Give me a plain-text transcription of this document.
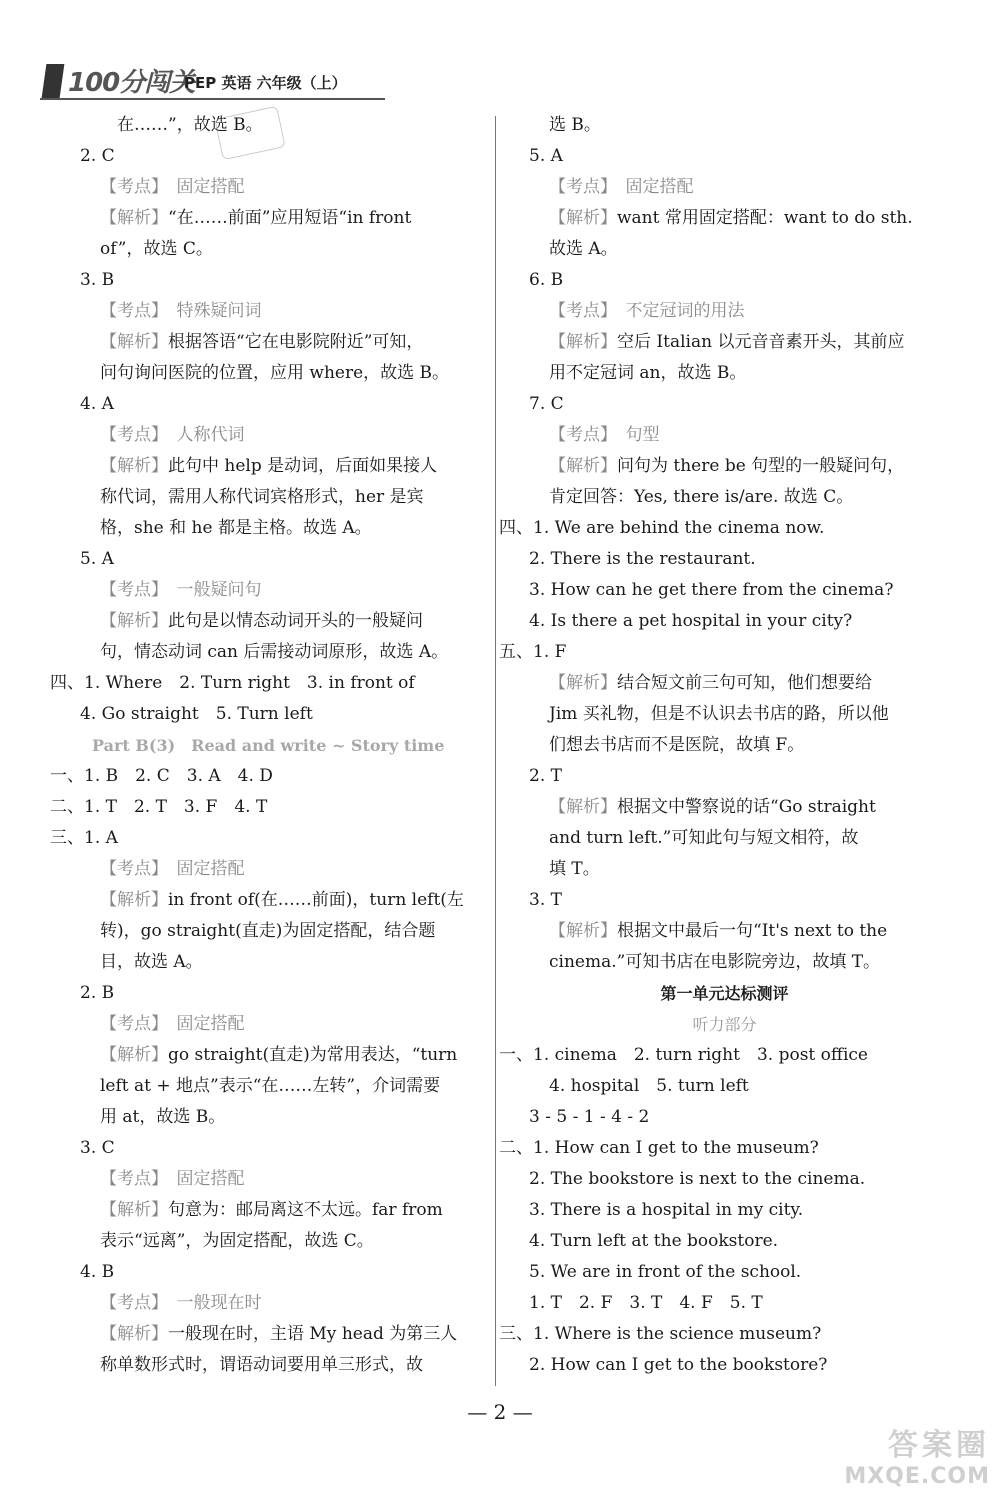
100分闯关
PEP 英语 六年级（上）
　在……”，故选 B。
2. C
【考点】　固定搭配
【解析】“在……前面”应用短语“in front
of”，故选 C。
3. B
【考点】　特殊疑问词
【解析】根据答语“它在电影院附近”可知，
问句询问医院的位置，应用 where，故选 B。
4. A
【考点】　人称代词
【解析】此句中 help 是动词，后面如果接人
称代词，需用人称代词宾格形式，her 是宾
格，she 和 he 都是主格。故选 A。
5. A
【考点】　一般疑问句
【解析】此句是以情态动词开头的一般疑问
句，情态动词 can 后需接动词原形，故选 A。
四、1. Where　2. Turn right　3. in front of
4. Go straight　5. Turn left
Part B(3)　Read and write ~ Story time
一、1. B　2. C　3. A　4. D
二、1. T　2. T　3. F　4. T
三、1. A
【考点】　固定搭配
【解析】in front of(在……前面)，turn left(左
转)，go straight(直走)为固定搭配，结合题
目，故选 A。
2. B
【考点】　固定搭配
【解析】go straight(直走)为常用表达，“turn
left at + 地点”表示“在……左转”，介词需要
用 at，故选 B。
3. C
【考点】　固定搭配
【解析】句意为：邮局离这不太远。far from
表示“远离”，为固定搭配，故选 C。
4. B
【考点】　一般现在时
【解析】一般现在时，主语 My head 为第三人
称单数形式时，谓语动词要用单三形式，故
选 B。
5. A
【考点】　固定搭配
【解析】want 常用固定搭配：want to do sth.
故选 A。
6. B
【考点】　不定冠词的用法
【解析】空后 Italian 以元音音素开头，其前应
用不定冠词 an，故选 B。
7. C
【考点】　句型
【解析】问句为 there be 句型的一般疑问句，
肯定回答：Yes, there is/are. 故选 C。
四、1. We are behind the cinema now.
2. There is the restaurant.
3. How can he get there from the cinema?
4. Is there a pet hospital in your city?
五、1. F
【解析】结合短文前三句可知，他们想要给
Jim 买礼物，但是不认识去书店的路，所以他
们想去书店而不是医院，故填 F。
2. T
【解析】根据文中警察说的话“Go straight
and turn left.”可知此句与短文相符，故
填 T。
3. T
【解析】根据文中最后一句“It's next to the
cinema.”可知书店在电影院旁边，故填 T。
第一单元达标测评
听力部分
一、1. cinema　2. turn right　3. post office
4. hospital　5. turn left
3 - 5 - 1 - 4 - 2
二、1. How can I get to the museum?
2. The bookstore is next to the cinema.
3. There is a hospital in my city.
4. Turn left at the bookstore.
5. We are in front of the school.
1. T　2. F　3. T　4. F　5. T
三、1. Where is the science museum?
2. How can I get to the bookstore?
— 2 —
答案圈
MXQE.COM
